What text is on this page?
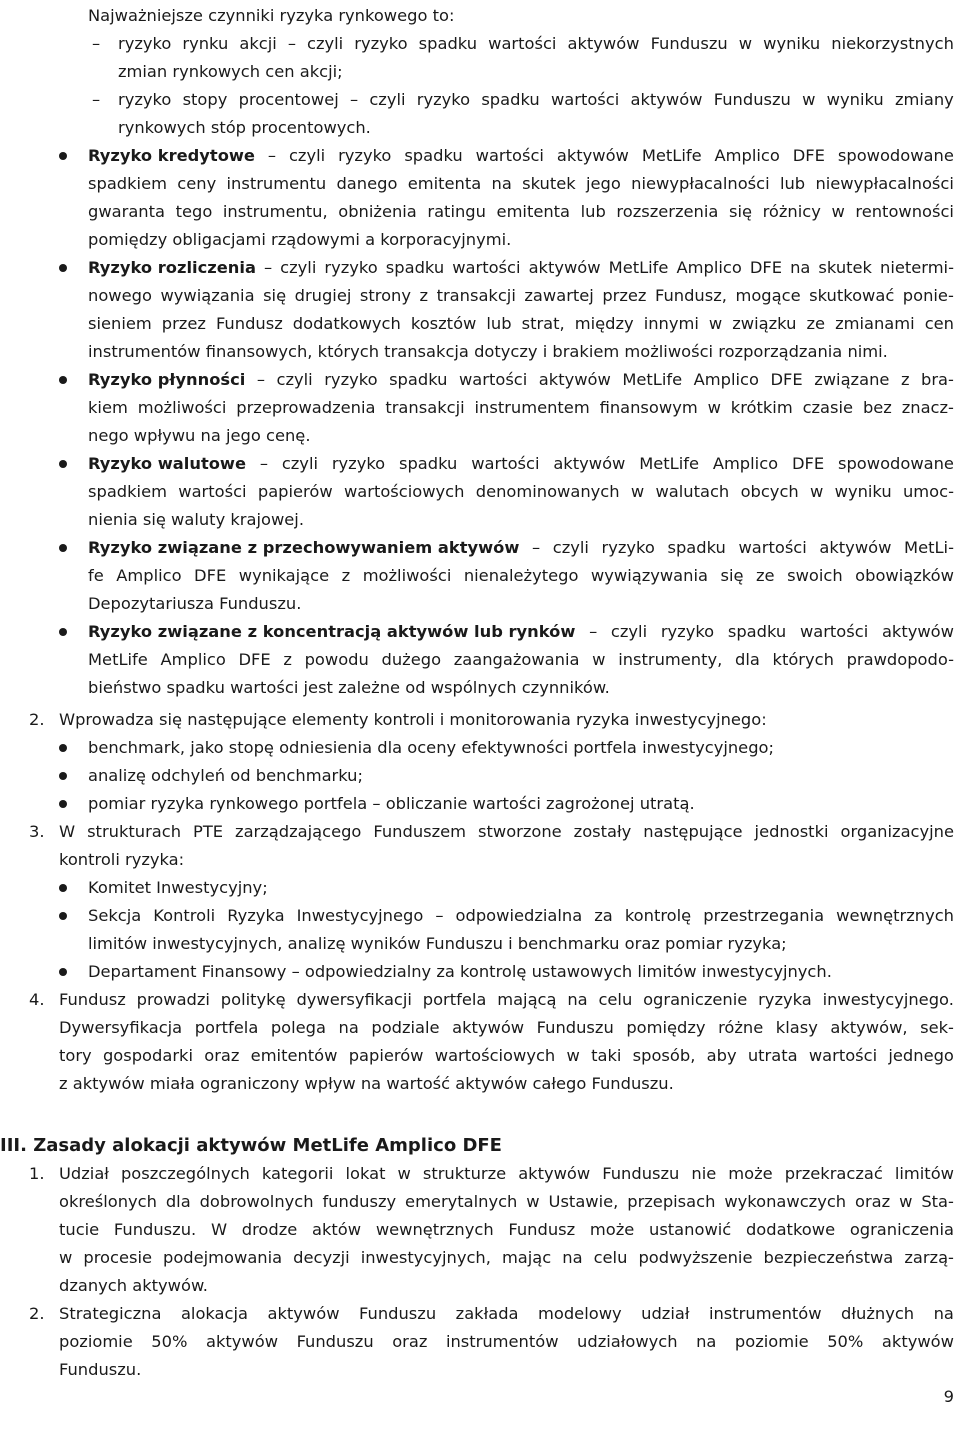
Najważniejsze czynniki ryzyka rynkowego to:
– ryzyko rynku akcji – czyli ryzyko spadku wartości aktywów Funduszu w wyniku niekorzystnych
zmian rynkowych cen akcji;
– ryzyko stopy procentowej – czyli ryzyko spadku wartości aktywów Funduszu w wyniku zmiany
rynkowych stóp procentowych.
Ryzyko kredytowe – czyli ryzyko spadku wartości aktywów MetLife Amplico DFE spowodowane
spadkiem ceny instrumentu danego emitenta na skutek jego niewypłacalności lub niewypłacalności
gwaranta tego instrumentu, obniżenia ratingu emitenta lub rozszerzenia się różnicy w rentowności
pomiędzy obligacjami rządowymi a korporacyjnymi.
Ryzyko rozliczenia – czyli ryzyko spadku wartości aktywów MetLife Amplico DFE na skutek nietermi-
nowego wywiązania się drugiej strony z transakcji zawartej przez Fundusz, mogące skutkować ponie-
sieniem przez Fundusz dodatkowych kosztów lub strat, między innymi w związku ze zmianami cen
instrumentów finansowych, których transakcja dotyczy i brakiem możliwości rozporządzania nimi.
Ryzyko płynności – czyli ryzyko spadku wartości aktywów MetLife Amplico DFE związane z bra-
kiem możliwości przeprowadzenia transakcji instrumentem finansowym w krótkim czasie bez znacz-
nego wpływu na jego cenę.
Ryzyko walutowe – czyli ryzyko spadku wartości aktywów MetLife Amplico DFE spowodowane
spadkiem wartości papierów wartościowych denominowanych w walutach obcych w wyniku umoc-
nienia się waluty krajowej.
Ryzyko związane z przechowywaniem aktywów – czyli ryzyko spadku wartości aktywów MetLi-
fe Amplico DFE wynikające z możliwości nienależytego wywiązywania się ze swoich obowiązków
Depozytariusza Funduszu.
Ryzyko związane z koncentracją aktywów lub rynków – czyli ryzyko spadku wartości aktywów
MetLife Amplico DFE z powodu dużego zaangażowania w instrumenty, dla których prawdopodo-
bieństwo spadku wartości jest zależne od wspólnych czynników.
2. Wprowadza się następujące elementy kontroli i monitorowania ryzyka inwestycyjnego:
benchmark, jako stopę odniesienia dla oceny efektywności portfela inwestycyjnego;
analizę odchyleń od benchmarku;
pomiar ryzyka rynkowego portfela – obliczanie wartości zagrożonej utratą.
3. W strukturach PTE zarządzającego Funduszem stworzone zostały następujące jednostki organizacyjne
kontroli ryzyka:
Komitet Inwestycyjny;
Sekcja Kontroli Ryzyka Inwestycyjnego – odpowiedzialna za kontrolę przestrzegania wewnętrznych
limitów inwestycyjnych, analizę wyników Funduszu i benchmarku oraz pomiar ryzyka;
Departament Finansowy – odpowiedzialny za kontrolę ustawowych limitów inwestycyjnych.
4. Fundusz prowadzi politykę dywersyfikacji portfela mającą na celu ograniczenie ryzyka inwestycyjnego.
Dywersyfikacja portfela polega na podziale aktywów Funduszu pomiędzy różne klasy aktywów, sek-
tory gospodarki oraz emitentów papierów wartościowych w taki sposób, aby utrata wartości jednego
z aktywów miała ograniczony wpływ na wartość aktywów całego Funduszu.
III. Zasady alokacji aktywów MetLife Amplico DFE
1. Udział poszczególnych kategorii lokat w strukturze aktywów Funduszu nie może przekraczać limitów
określonych dla dobrowolnych funduszy emerytalnych w Ustawie, przepisach wykonawczych oraz w Sta-
tucie Funduszu. W drodze aktów wewnętrznych Fundusz może ustanowić dodatkowe ograniczenia
w procesie podejmowania decyzji inwestycyjnych, mając na celu podwyższenie bezpieczeństwa zarzą-
dzanych aktywów.
2. Strategiczna alokacja aktywów Funduszu zakłada modelowy udział instrumentów dłużnych na
poziomie 50% aktywów Funduszu oraz instrumentów udziałowych na poziomie 50% aktywów
Funduszu.
9
